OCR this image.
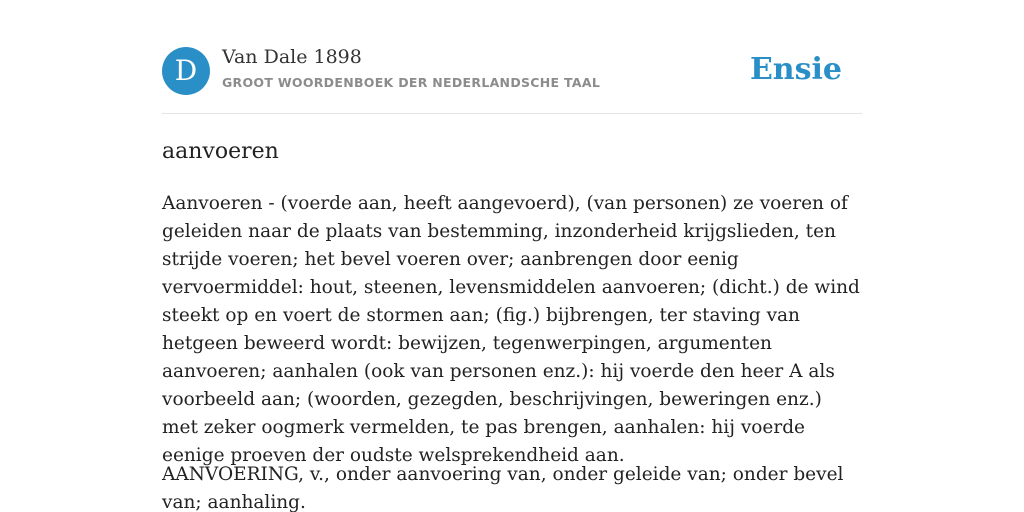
D	Van Dale 1898
GROOT WOORDENBOEK DER NEDERLANDSCHE TAAL	Ensie
aanvoeren

Aanvoeren - (voerde aan, heeft aangevoerd), (van personen) ze voeren of geleiden naar de plaats van bestemming, inzonderheid krijgslieden, ten strijde voeren; het bevel voeren over; aanbrengen door eenig vervoermiddel: hout, steenen, levensmiddelen aanvoeren; (dicht.) de wind steekt op en voert de stormen aan; (fig.) bijbrengen, ter staving van hetgeen beweerd wordt: bewijzen, tegenwerpingen, argumenten aanvoeren; aanhalen (ook van personen enz.): hij voerde den heer A als voorbeeld aan; (woorden, gezegden, beschrijvingen, beweringen enz.) met zeker oogmerk vermelden, te pas brengen, aanhalen: hij voerde eenige proeven der oudste welsprekendheid aan.

AANVOERING, v., onder aanvoering van, onder geleide van; onder bevel van; aanhaling.
